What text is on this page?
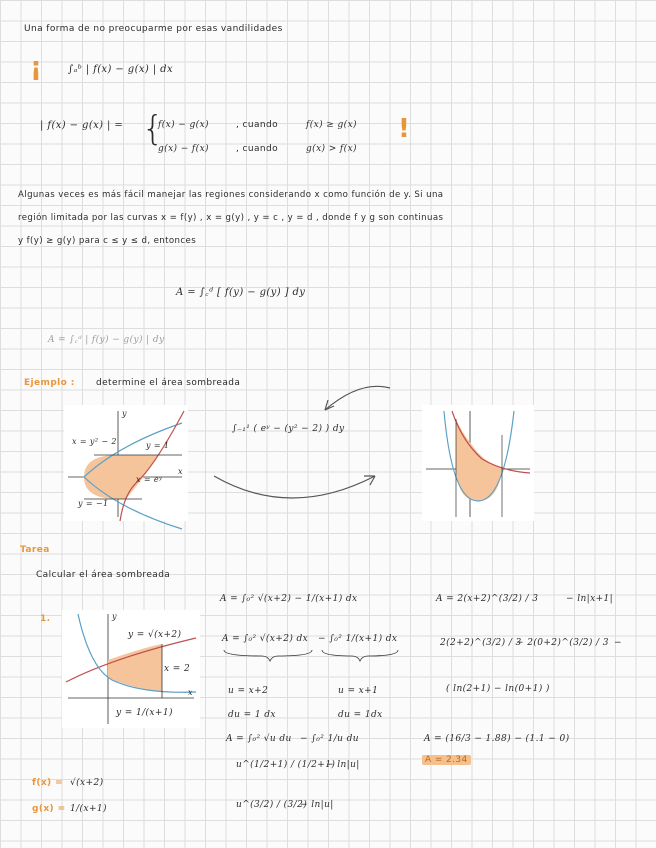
Una forma de no preocuparme por esas vandilidades
¡	∫ₐᵇ | f(x) − g(x) | dx
| f(x) − g(x) | = {
f(x) − g(x)	, cuando	f(x) ≥ g(x)
g(x) − f(x)	, cuando	g(x) > f(x)
!
Algunas veces es más fácil manejar las regiones considerando x como función de y. Si una
región limitada por las curvas x = f(y) , x = g(y) , y = c , y = d , donde f y g son continuas
y f(y) ≥ g(y) para c ≤ y ≤ d, entonces
A = ∫꜀ᵈ [ f(y) − g(y) ] dy
A = ∫꜀ᵈ | f(y) − g(y) | dy
Ejemplo : determine el área sombreada
∫₋₁¹ ( eʸ − (y² − 2) ) dy
x = y² − 2	y = 1
x = eʸ
y = −1
x
y
Tarea
Calcular el área sombreada
1.
y = √(x+2)
x = 2
y = 1/(x+1)
x
y
f(x) = √(x+2)
g(x) = 1/(x+1)
A = ∫₀² √(x+2) − 1/(x+1) dx
A = ∫₀² √(x+2) dx − ∫₀² 1/(x+1) dx
u = x+2
du = 1 dx
u = x+1
du = 1dx
A = ∫₀² √u du − ∫₀² 1/u du
u^(1/2+1) / (1/2+1)
− ln|u|
u^(3/2) / (3/2)
− ln|u|
A = 2(x+2)^(3/2) / 3	− ln|x+1|
2(2+2)^(3/2) / 3
− 2(0+2)^(3/2) / 3 −
( ln(2+1) − ln(0+1) )
A = (16/3 − 1.88) − (1.1 − 0)
A = 2.34
